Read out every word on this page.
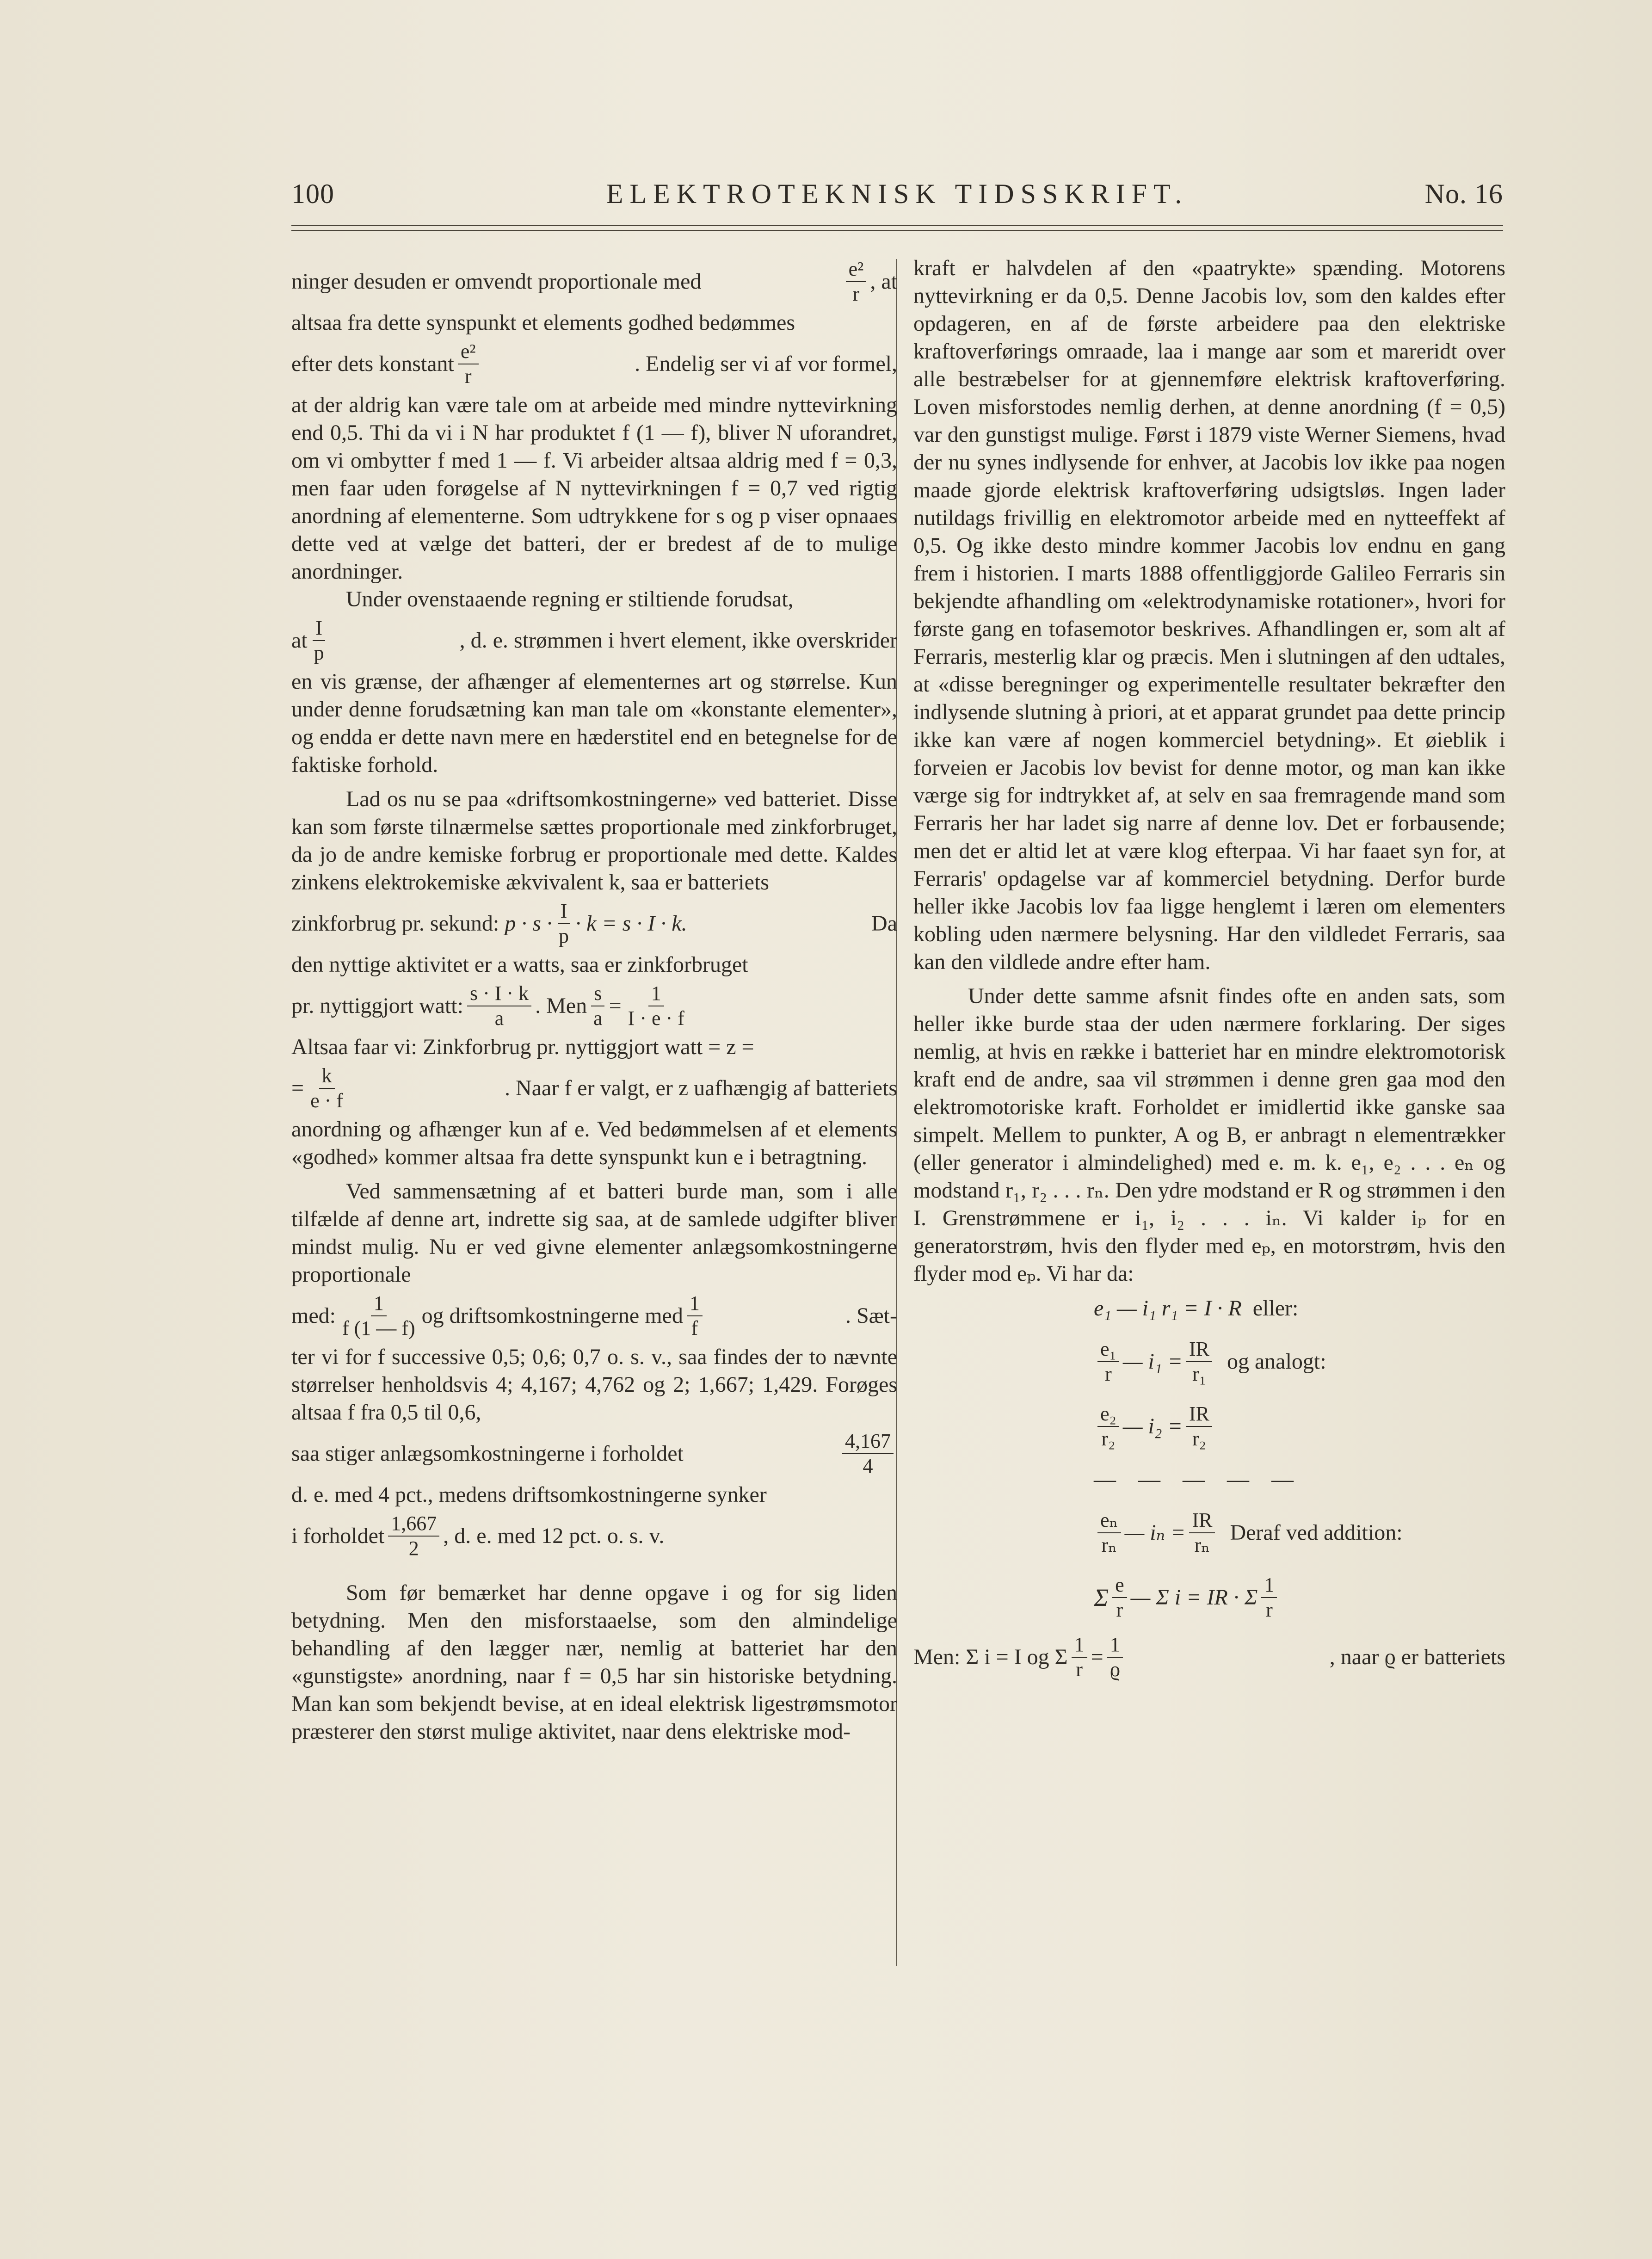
100	ELEKTROTEKNISK TIDSSKRIFT.	No. 16
ninger desuden er omvendt proportionale med	$\frac{\text{e²}}{r}$ , at

altsaa fra dette synspunkt et elements godhed bedømmes

efter dets konstant $\frac{\text{e²}}{r}$	. Endelig ser vi af vor formel,

at der aldrig kan være tale om at arbeide med mindre nyttevirkning end 0,5. Thi da vi i N har produktet f (1 — f), bliver N uforandret, om vi ombytter f med 1 — f. Vi arbeider altsaa aldrig med f = 0,3, men faar uden forøgelse af N nyttevirkningen f = 0,7 ved rigtig anordning af elementerne. Som udtrykkene for s og p viser opnaaes dette ved at vælge det batteri, der er bredest af de to mulige anordninger.

Under ovenstaaende regning er stiltiende forudsat,

at $\frac{I}{p}$	, d. e. strømmen i hvert element, ikke overskrider

en vis grænse, der afhænger af elementernes art og størrelse. Kun under denne forudsætning kan man tale om «konstante elementer», og endda er dette navn mere en hæderstitel end en betegnelse for de faktiske forhold.

Lad os nu se paa «driftsomkostningerne» ved batteriet. Disse kan som første tilnærmelse sættes proportionale med zinkforbruget, da jo de andre kemiske forbrug er proportionale med dette. Kaldes zinkens elektrokemiske ækvivalent k, saa er batteriets

zinkforbrug pr. sekund:
$p \cdot s \cdot \frac{I}{p} \cdot k = s \cdot I \cdot k$.	Da

den nyttige aktivitet er a watts, saa er zinkforbruget

pr. nyttiggjort watt: $\frac{s \cdot I \cdot k}{a}$ . Men $\frac{s}{a} = \frac{1}{I \cdot e \cdot f}$

Altsaa faar vi: Zinkforbrug pr. nyttiggjort watt = z =

= $\frac{k}{e \cdot f}$	. Naar f er valgt, er z uafhængig af batteriets

anordning og afhænger kun af e. Ved bedømmelsen af et elements «godhed» kommer altsaa fra dette synspunkt kun e i betragtning.

Ved sammensætning af et batteri burde man, som i alle tilfælde af denne art, indrette sig saa, at de samlede udgifter bliver mindst mulig. Nu er ved givne elementer anlægsomkostningerne proportionale

med: $\frac{1}{f (1 — f)}$ og driftsomkostningerne med $\frac{1}{f}$	. Sæt-

ter vi for f successive 0,5; 0,6; 0,7 o. s. v., saa findes der to nævnte størrelser henholdsvis 4; 4,167; 4,762 og 2; 1,667; 1,429. Forøges altsaa f fra 0,5 til 0,6,

saa stiger anlægsomkostningerne i forholdet	$\frac{4,167}{4}$

d. e. med 4 pct., medens driftsomkostningerne synker

i forholdet $\frac{1,667}{2}$ , d. e. med 12 pct. o. s. v.

Som før bemærket har denne opgave i og for sig liden betydning. Men den misforstaaelse, som den almindelige behandling af den lægger nær, nemlig at batteriet har den «gunstigste» anordning, naar f = 0,5 har sin historiske betydning. Man kan som bekjendt bevise, at en ideal elektrisk ligestrømsmotor præsterer den størst mulige aktivitet, naar dens elektriske mod-

kraft er halvdelen af den «paatrykte» spænding. Motorens nyttevirkning er da 0,5. Denne Jacobis lov, som den kaldes efter opdageren, en af de første arbeidere paa den elektriske kraftoverførings omraade, laa i mange aar som et mareridt over alle bestræbelser for at gjennemføre elektrisk kraftoverføring. Loven misforstodes nemlig derhen, at denne anordning (f = 0,5) var den gunstigst mulige. Først i 1879 viste Werner Siemens, hvad der nu synes indlysende for enhver, at Jacobis lov ikke paa nogen maade gjorde elektrisk kraftoverføring udsigtsløs. Ingen lader nutildags frivillig en elektromotor arbeide med en nytteeffekt af 0,5. Og ikke desto mindre kommer Jacobis lov endnu en gang frem i historien. I marts 1888 offentliggjorde Galileo Ferraris sin bekjendte afhandling om «elektrodynamiske rotationer», hvori for første gang en tofasemotor beskrives. Afhandlingen er, som alt af Ferraris, mesterlig klar og præcis. Men i slutningen af den udtales, at «disse beregninger og experimentelle resultater bekræfter den indlysende slutning à priori, at et apparat grundet paa dette princip ikke kan være af nogen kommerciel betydning». Et øieblik i forveien er Jacobis lov bevist for denne motor, og man kan ikke værge sig for indtrykket af, at selv en saa fremragende mand som Ferraris her har ladet sig narre af denne lov. Det er forbausende; men det er altid let at være klog efterpaa. Vi har faaet syn for, at Ferraris' opdagelse var af kommerciel betydning. Derfor burde heller ikke Jacobis lov faa ligge henglemt i læren om elementers kobling uden nærmere belysning. Har den vildledet Ferraris, saa kan den vildlede andre efter ham.

Under dette samme afsnit findes ofte en anden sats, som heller ikke burde staa der uden nærmere forklaring. Der siges nemlig, at hvis en række i batteriet har en mindre elektromotorisk kraft end de andre, saa vil strømmen i denne gren gaa mod den elektromotoriske kraft. Forholdet er imidlertid ikke ganske saa simpelt. Mellem to punkter, A og B, er anbragt n elementrækker (eller generator i almindelighed) med e. m. k. e₁, e₂ . . . eₙ og modstand r₁, r₂ . . . rₙ. Den ydre modstand er R og strømmen i den I. Grenstrømmene er i₁, i₂ . . . iₙ. Vi kalder iₚ for en generatorstrøm, hvis den flyder med eₚ, en motorstrøm, hvis den flyder mod eₚ. Vi har da:

e₁ — i₁ r₁ = I · R
eller:
$\frac{\text{e₁}}{r}$ — $i_1 = \frac{IR}{\text{r₁}}$
og analogt:
$\frac{\text{e₂}}{\text{r₂}}$ — $i_2 = \frac{IR}{\text{r₂}}$
— — — — —
$\frac{\text{eₙ}}{\text{rₙ}}$ — $i_n = \frac{IR}{\text{rₙ}}$
Deraf ved addition:
Σ $\frac{e}{r}$ — Σ i = IR · Σ $\frac{1}{r}$
Men: Σ i = I og Σ $\frac{1}{r} = \frac{1}{ϱ}$	, naar ϱ er batteriets
